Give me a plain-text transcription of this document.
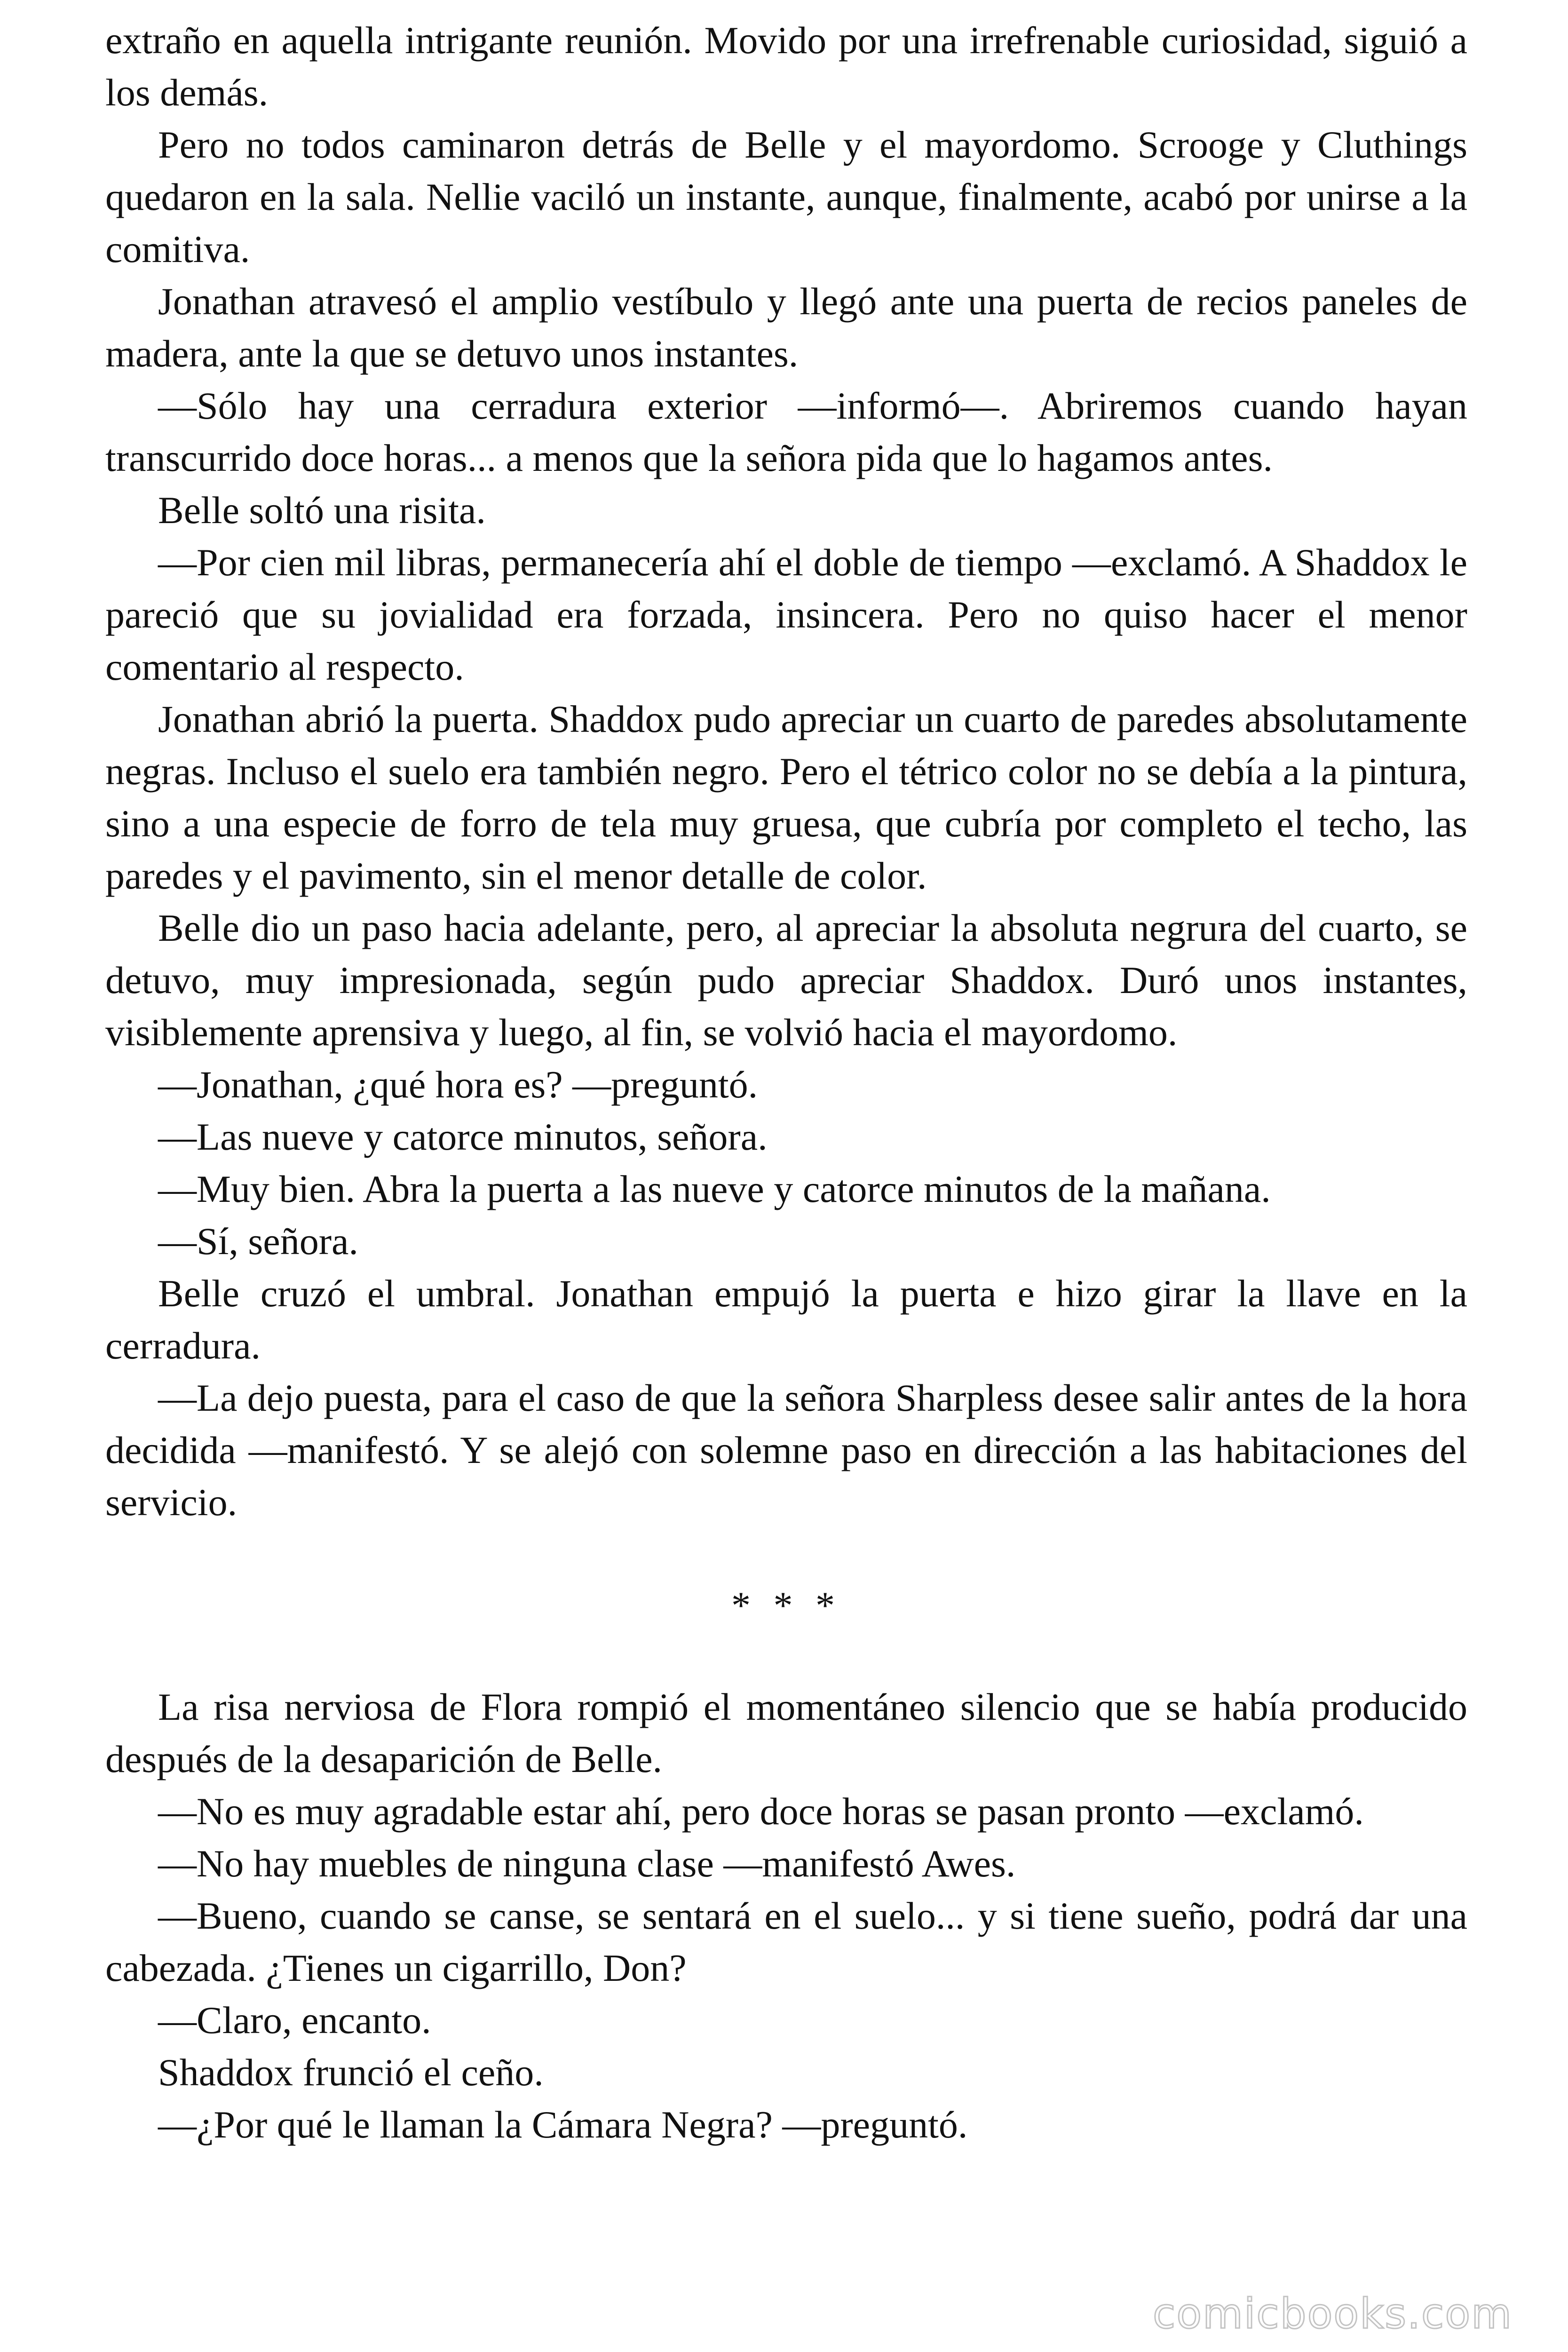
extraño en aquella intrigante reunión. Movido por una irrefrenable curiosidad, siguió a los demás.

Pero no todos caminaron detrás de Belle y el mayordomo. Scrooge y Cluthings quedaron en la sala. Nellie vaciló un instante, aunque, finalmente, acabó por unirse a la comitiva.

Jonathan atravesó el amplio vestíbulo y llegó ante una puerta de recios paneles de madera, ante la que se detuvo unos instantes.

—Sólo hay una cerradura exterior —informó—. Abriremos cuando hayan transcurrido doce horas... a menos que la señora pida que lo hagamos antes.

Belle soltó una risita.

—Por cien mil libras, permanecería ahí el doble de tiempo —exclamó. A Shaddox le pareció que su jovialidad era forzada, insincera. Pero no quiso hacer el menor comentario al respecto.

Jonathan abrió la puerta. Shaddox pudo apreciar un cuarto de paredes absolutamente negras. Incluso el suelo era también negro. Pero el tétrico color no se debía a la pintura, sino a una especie de forro de tela muy gruesa, que cubría por completo el techo, las paredes y el pavimento, sin el menor detalle de color.

Belle dio un paso hacia adelante, pero, al apreciar la absoluta negrura del cuarto, se detuvo, muy impresionada, según pudo apreciar Shaddox. Duró unos instantes, visiblemente aprensiva y luego, al fin, se volvió hacia el mayordomo.

—Jonathan, ¿qué hora es? —preguntó.

—Las nueve y catorce minutos, señora.

—Muy bien. Abra la puerta a las nueve y catorce minutos de la mañana.

—Sí, señora.

Belle cruzó el umbral. Jonathan empujó la puerta e hizo girar la llave en la cerradura.

—La dejo puesta, para el caso de que la señora Sharpless desee salir antes de la hora decidida —manifestó. Y se alejó con solemne paso en dirección a las habitaciones del servicio.

* * *

La risa nerviosa de Flora rompió el momentáneo silencio que se había producido después de la desaparición de Belle.

—No es muy agradable estar ahí, pero doce horas se pasan pronto —exclamó.

—No hay muebles de ninguna clase —manifestó Awes.

—Bueno, cuando se canse, se sentará en el suelo... y si tiene sueño, podrá dar una cabezada. ¿Tienes un cigarrillo, Don?

—Claro, encanto.

Shaddox frunció el ceño.

—¿Por qué le llaman la Cámara Negra? —preguntó.

comicbooks.com
